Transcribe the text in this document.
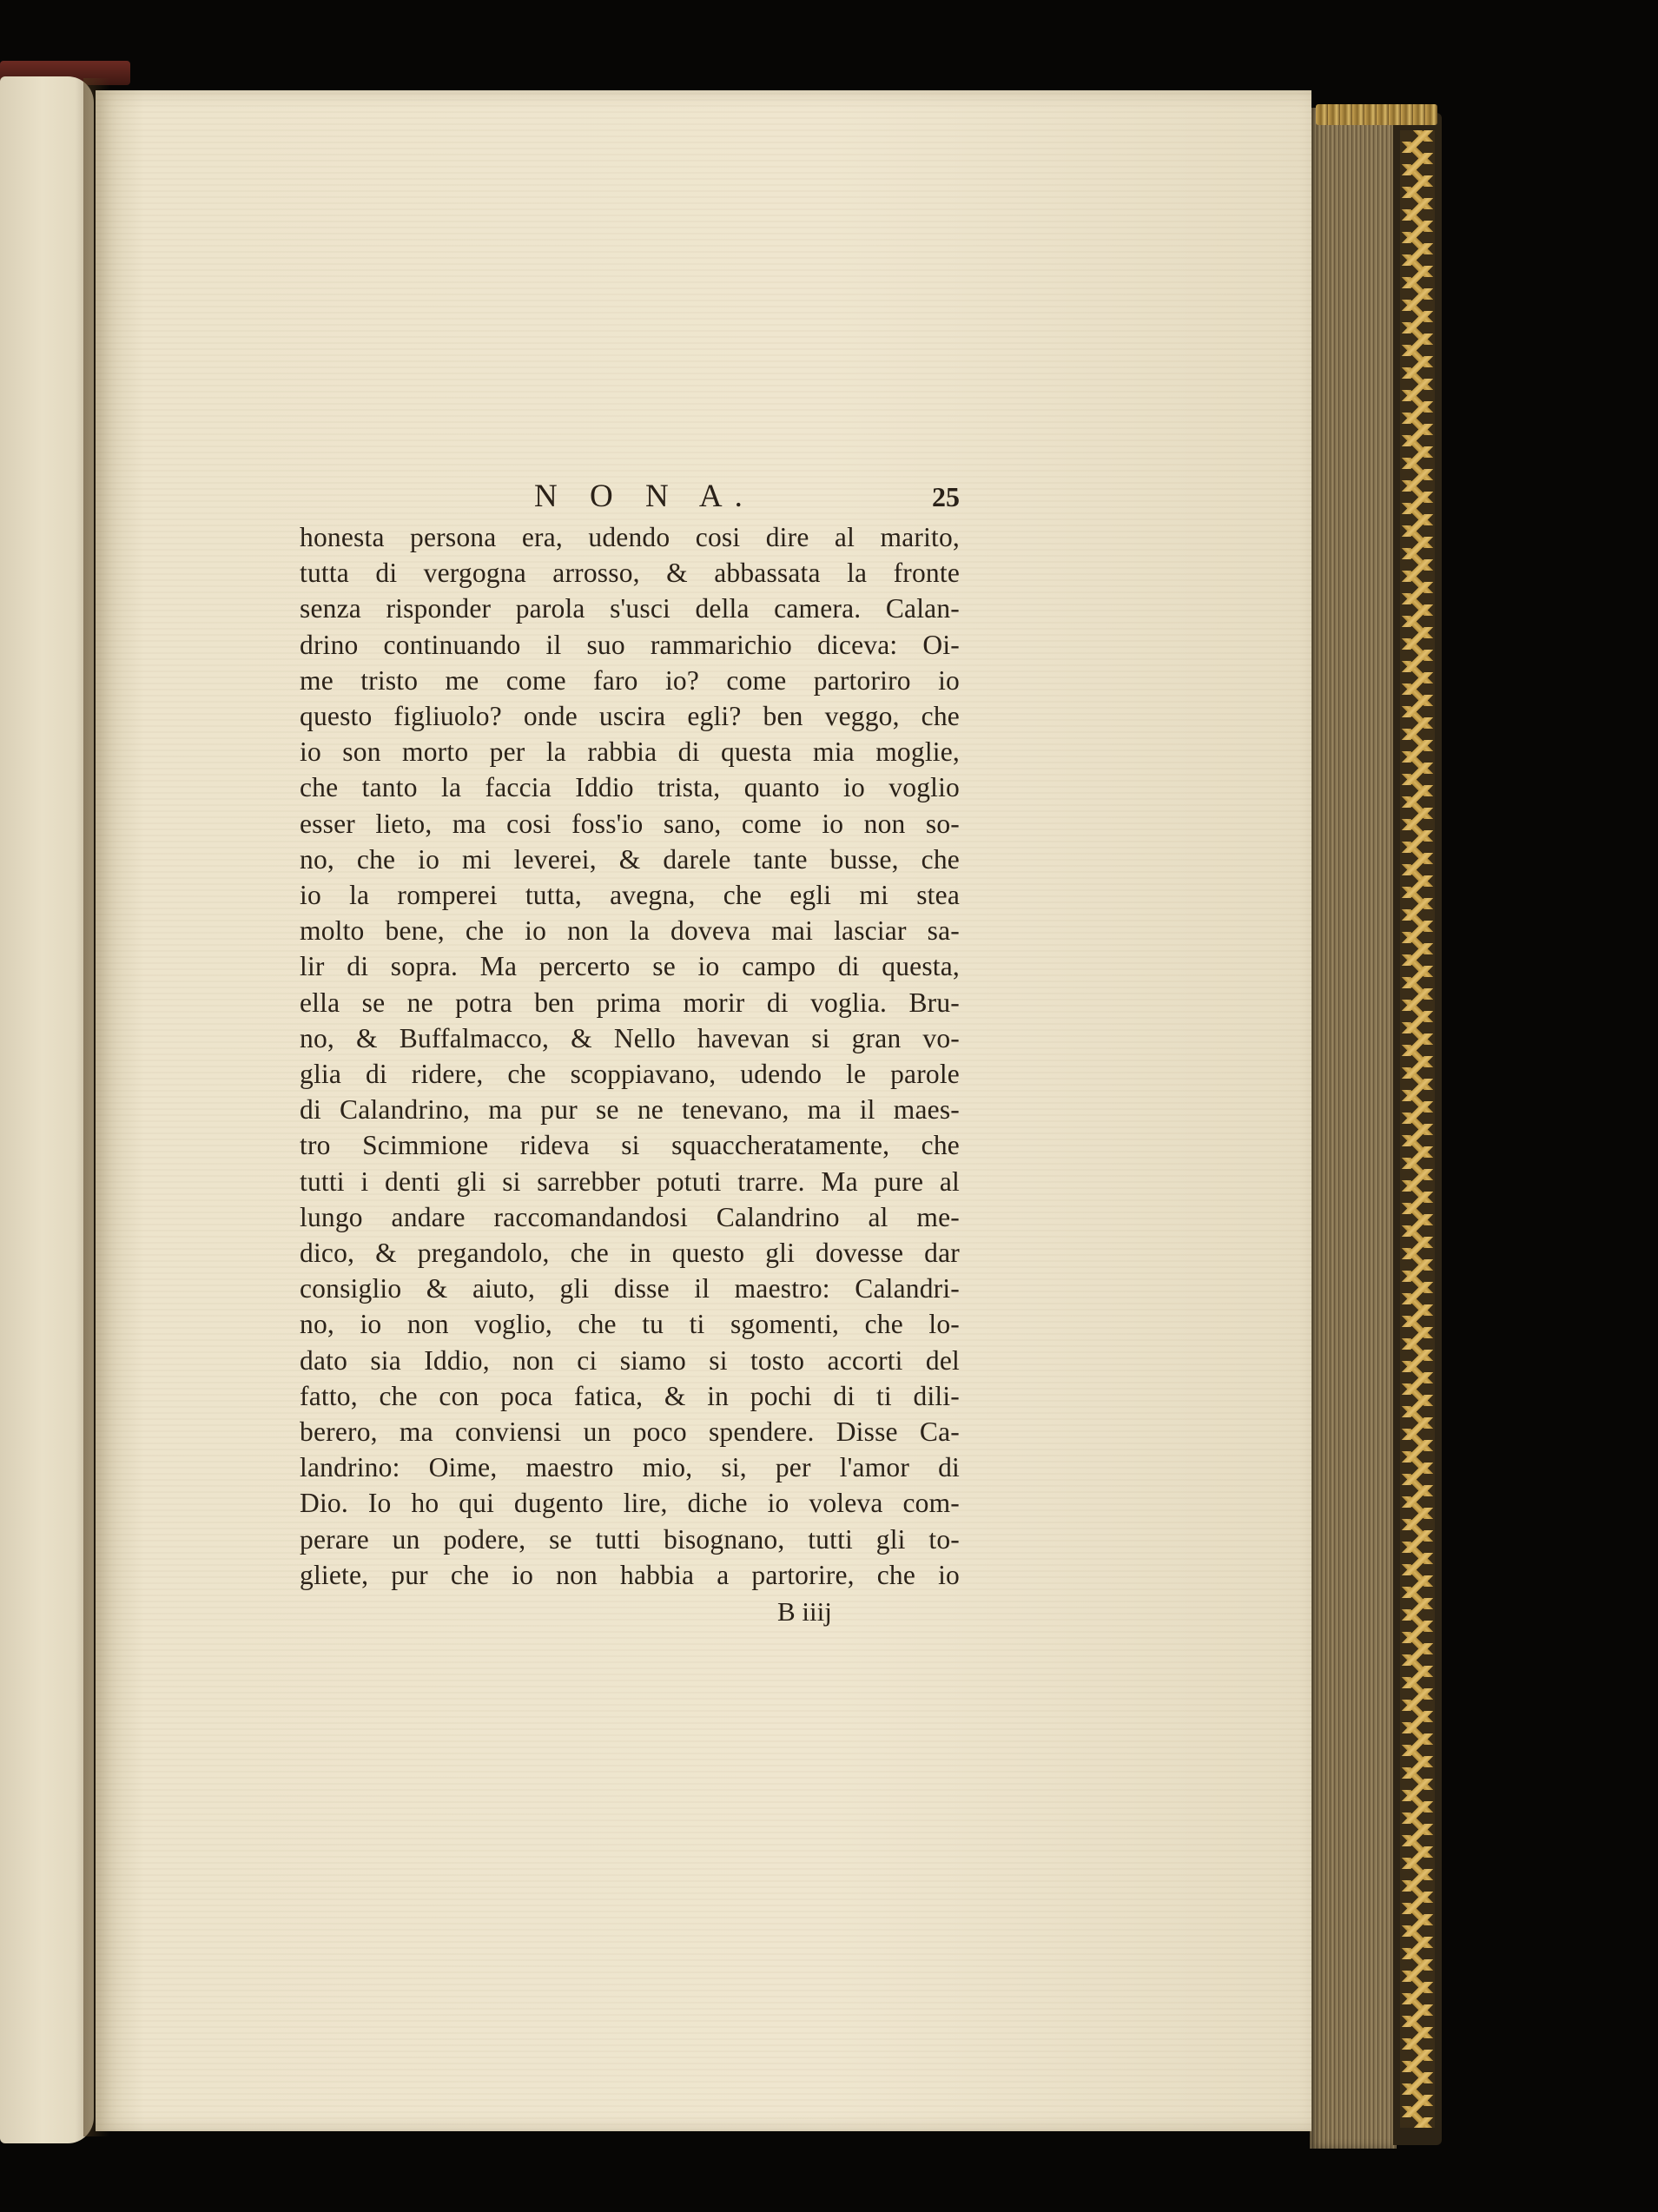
N O N A.	25
honesta persona era, udendo cosi dire al marito,
tutta di vergogna arrosso, & abbassata la fronte
senza risponder parola s'usci della camera. Calan-
drino continuando il suo rammarichio diceva: Oi-
me tristo me come faro io? come partoriro io
questo figliuolo? onde uscira egli? ben veggo, che
io son morto per la rabbia di questa mia moglie,
che tanto la faccia Iddio trista, quanto io voglio
esser lieto, ma cosi foss'io sano, come io non so-
no, che io mi leverei, & darele tante busse, che
io la romperei tutta, avegna, che egli mi stea
molto bene, che io non la doveva mai lasciar sa-
lir di sopra. Ma percerto se io campo di questa,
ella se ne potra ben prima morir di voglia. Bru-
no, & Buffalmacco, & Nello havevan si gran vo-
glia di ridere, che scoppiavano, udendo le parole
di Calandrino, ma pur se ne tenevano, ma il maes-
tro Scimmione rideva si squaccheratamente, che
tutti i denti gli si sarrebber potuti trarre. Ma pure al
lungo andare raccomandandosi Calandrino al me-
dico, & pregandolo, che in questo gli dovesse dar
consiglio & aiuto, gli disse il maestro: Calandri-
no, io non voglio, che tu ti sgomenti, che lo-
dato sia Iddio, non ci siamo si tosto accorti del
fatto, che con poca fatica, & in pochi di ti dili-
berero, ma conviensi un poco spendere. Disse Ca-
landrino: Oime, maestro mio, si, per l'amor di
Dio. Io ho qui dugento lire, diche io voleva com-
perare un podere, se tutti bisognano, tutti gli to-
gliete, pur che io non habbia a partorire, che io
B iiij
